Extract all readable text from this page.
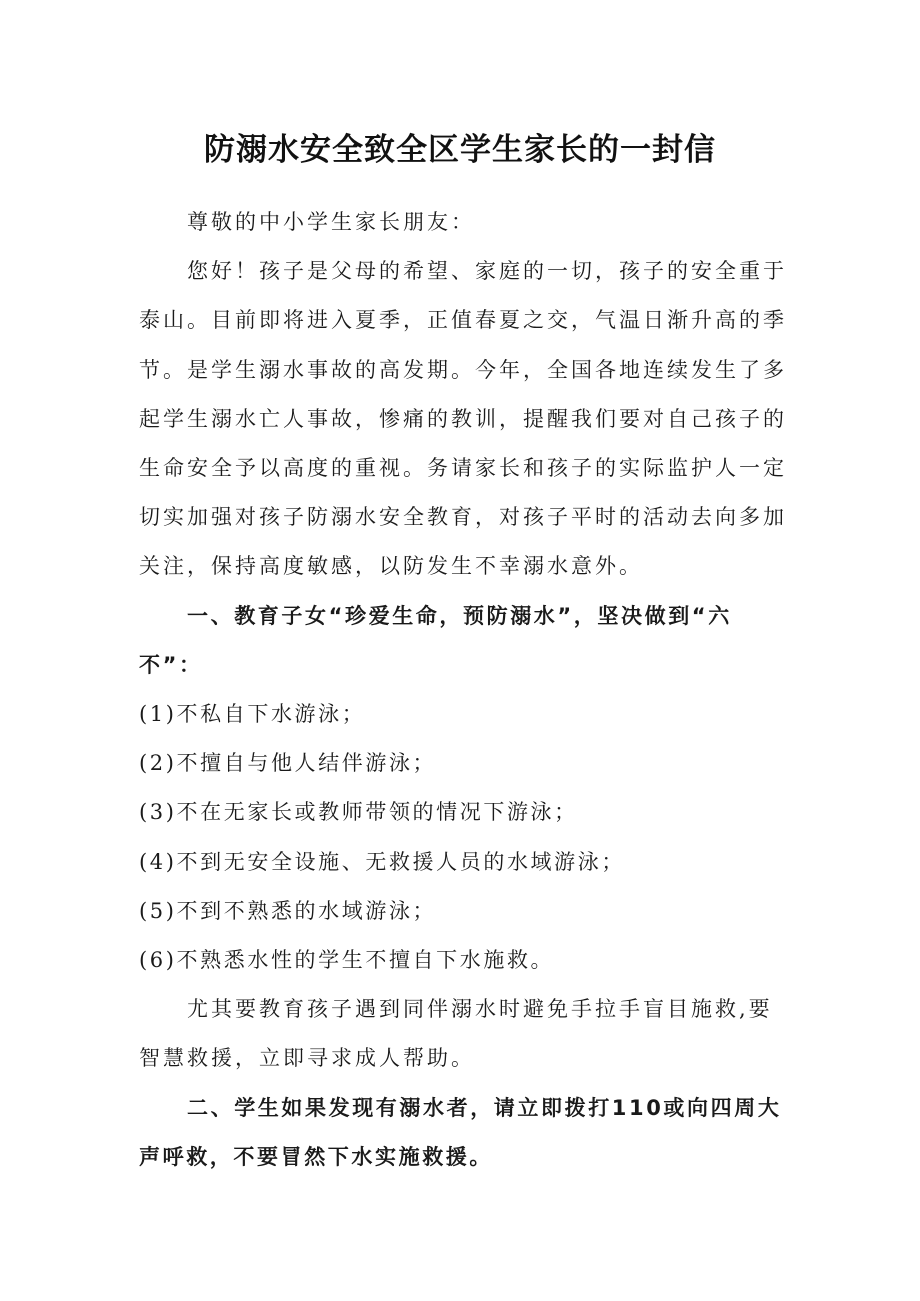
防溺水安全致全区学生家长的一封信

尊敬的中小学生家长朋友：

您好！孩子是父母的希望、家庭的一切，孩子的安全重于泰山。目前即将进入夏季，正值春夏之交，气温日渐升高的季节。是学生溺水事故的高发期。今年，全国各地连续发生了多起学生溺水亡人事故，惨痛的教训，提醒我们要对自己孩子的生命安全予以高度的重视。务请家长和孩子的实际监护人一定切实加强对孩子防溺水安全教育，对孩子平时的活动去向多加关注，保持高度敏感，以防发生不幸溺水意外。

一、教育子女“珍爱生命，预防溺水”，坚决做到“六不”：

(1)不私自下水游泳；

(2)不擅自与他人结伴游泳；

(3)不在无家长或教师带领的情况下游泳；

(4)不到无安全设施、无救援人员的水域游泳；

(5)不到不熟悉的水域游泳；

(6)不熟悉水性的学生不擅自下水施救。

尤其要教育孩子遇到同伴溺水时避免手拉手盲目施救,要智慧救援，立即寻求成人帮助。

二、学生如果发现有溺水者，请立即拨打110或向四周大声呼救，不要冒然下水实施救援。
